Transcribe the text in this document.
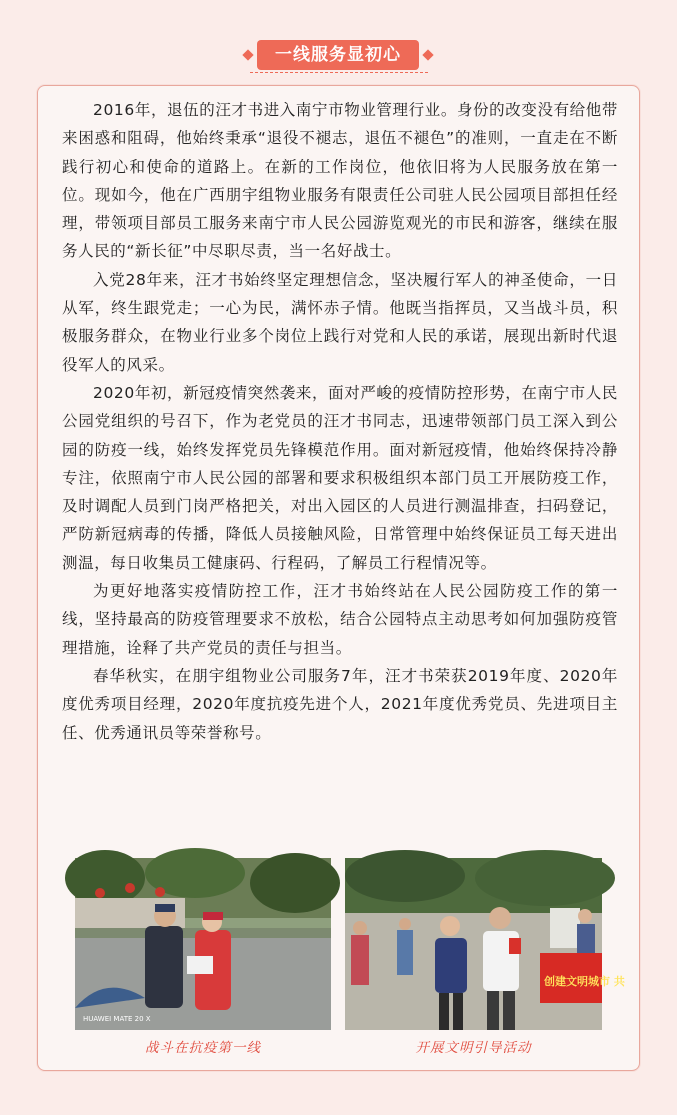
一线服务显初心

2016年，退伍的汪才书进入南宁市物业管理行业。身份的改变没有给他带来困惑和阻碍，他始终秉承“退役不褪志，退伍不褪色”的准则，一直走在不断践行初心和使命的道路上。在新的工作岗位，他依旧将为人民服务放在第一位。现如今，他在广西朋宇组物业服务有限责任公司驻人民公园项目部担任经理，带领项目部员工服务来南宁市人民公园游览观光的市民和游客，继续在服务人民的“新长征”中尽职尽责，当一名好战士。

入党28年来，汪才书始终坚定理想信念，坚决履行军人的神圣使命，一日从军，终生跟党走；一心为民，满怀赤子情。他既当指挥员，又当战斗员，积极服务群众，在物业行业多个岗位上践行对党和人民的承诺，展现出新时代退役军人的风采。

2020年初，新冠疫情突然袭来，面对严峻的疫情防控形势，在南宁市人民公园党组织的号召下，作为老党员的汪才书同志，迅速带领部门员工深入到公园的防疫一线，始终发挥党员先锋模范作用。面对新冠疫情，他始终保持冷静专注，依照南宁市人民公园的部署和要求积极组织本部门员工开展防疫工作，及时调配人员到门岗严格把关，对出入园区的人员进行测温排查，扫码登记，严防新冠病毒的传播，降低人员接触风险，日常管理中始终保证员工每天进出测温，每日收集员工健康码、行程码，了解员工行程情况等。

为更好地落实疫情防控工作，汪才书始终站在人民公园防疫工作的第一线，坚持最高的防疫管理要求不放松，结合公园特点主动思考如何加强防疫管理措施，诠释了共产党员的责任与担当。

春华秋实，在朋宇组物业公司服务7年，汪才书荣获2019年度、2020年度优秀项目经理，2020年度抗疫先进个人，2021年度优秀党员、先进项目主任、优秀通讯员等荣誉称号。

HUAWEI MATE 20 X
战斗在抗疫第一线
创建文明城市 共
开展文明引导活动
